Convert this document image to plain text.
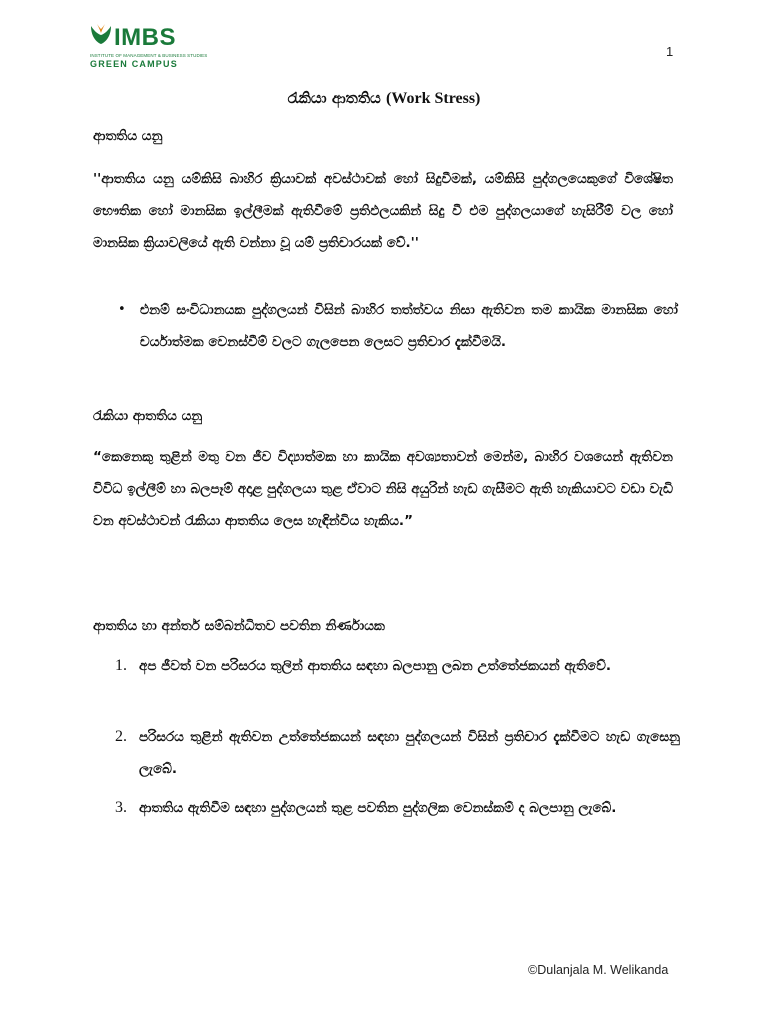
IMBS
INSTITUTE OF MANAGEMENT & BUSINESS STUDIES
GREEN CAMPUS
1
රැකියා ආතතිය (Work Stress)
ආතතිය යනු
''ආතතිය යනු යම්කිසි බාහිර ක්‍රියාවක් අවස්ථාවක් හෝ සිදුවීමක්, යම්කිසි පුද්ගලයෙකුගේ විශේෂිත භෞතික හෝ මානසික ඉල්ලීමක් ඇතිවීමේ ප්‍රතිඵලයකින් සිදු වී එම පුද්ගලයාගේ හැසිරීම් වල හෝ මානසික ක්‍රියාවලියේ ඇති වන්නා වූ යම් ප්‍රතිචාරයක් වේ.''
• එනම් සංවිධානයක පුද්ගලයන් විසින් බාහිර තත්ත්වය නිසා ඇතිවන තම කායික මානසික හෝ චර්යාත්මක වෙනස්වීම් වලට ගැලපෙන ලෙසට ප්‍රතිචාර දැක්වීමයි.
රැකියා ආතතිය යනු
“කෙනෙකු තුළින් මතු වන ජීව විද්‍යාත්මක හා කායික අවශ්‍යතාවන් මෙන්ම, බාහිර වශයෙන් ඇතිවන විවිධ ඉල්ලීම් හා බලපෑම් අදාළ පුද්ගලයා තුළ ඒවාට නිසි අයුරින් හැඩ ගැසීමට ඇති හැකියාවට වඩා වැඩි වන අවස්ථාවන් රැකියා ආතතිය ලෙස හැඳින්විය හැකිය.”
ආතතිය හා අන්තර් සම්බන්ධිතව පවතින නිර්ණායක
1. අප ජීවත් වන පරිසරය තුලින් ආතතිය සඳහා බලපානු ලබන උත්තේජකයන් ඇතිවේ.
2. පරිසරය තුළින් ඇතිවන උත්තේජකයන් සඳහා පුද්ගලයන් විසින් ප්‍රතිචාර දැක්වීමට හැඩ ගැසෙනු ලැබේ.
3. ආතතිය ඇතිවීම සඳහා පුද්ගලයන් තුළ පවතින පුද්ගලික වෙනස්කම් ද බලපානු ලැබේ.
©Dulanjala M. Welikanda
